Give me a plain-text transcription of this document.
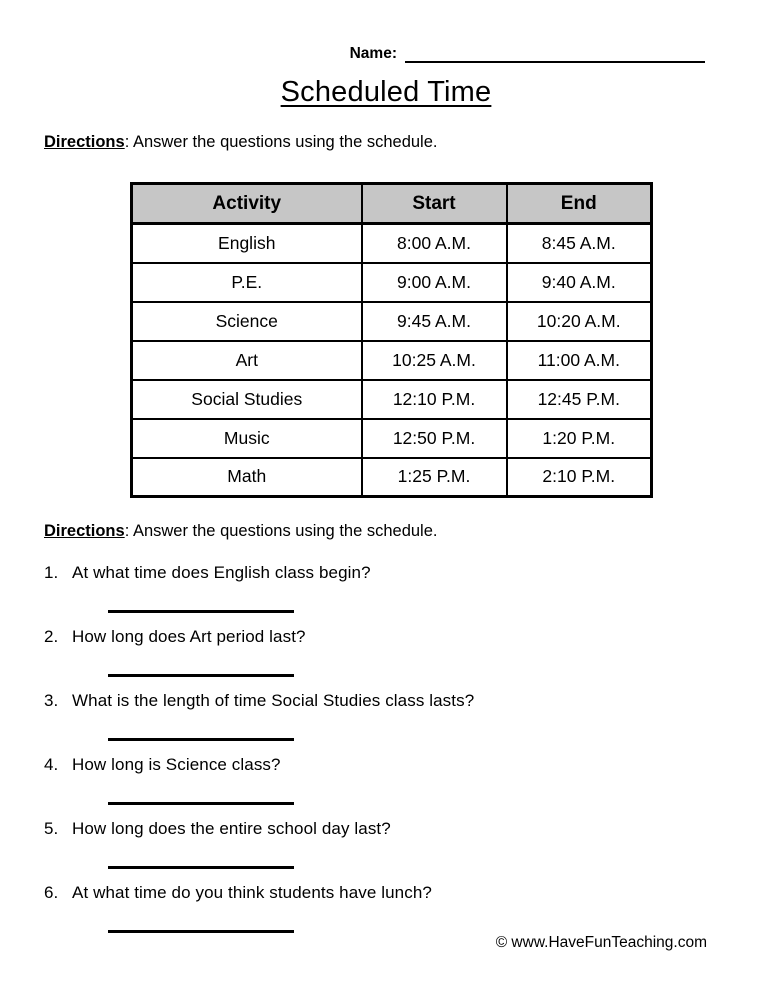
Name:
Scheduled Time

Directions: Answer the questions using the schedule.

Activity	Start	End
English	8:00 A.M.	8:45 A.M.
P.E.	9:00 A.M.	9:40 A.M.
Science	9:45 A.M.	10:20 A.M.
Art	10:25 A.M.	11:00 A.M.
Social Studies	12:10 P.M.	12:45 P.M.
Music	12:50 P.M.	1:20 P.M.
Math	1:25 P.M.	2:10 P.M.

Directions: Answer the questions using the schedule.

1. At what time does English class begin?

2. How long does Art period last?

3. What is the length of time Social Studies class lasts?

4. How long is Science class?

5. How long does the entire school day last?

6. At what time do you think students have lunch?

© www.HaveFunTeaching.com
